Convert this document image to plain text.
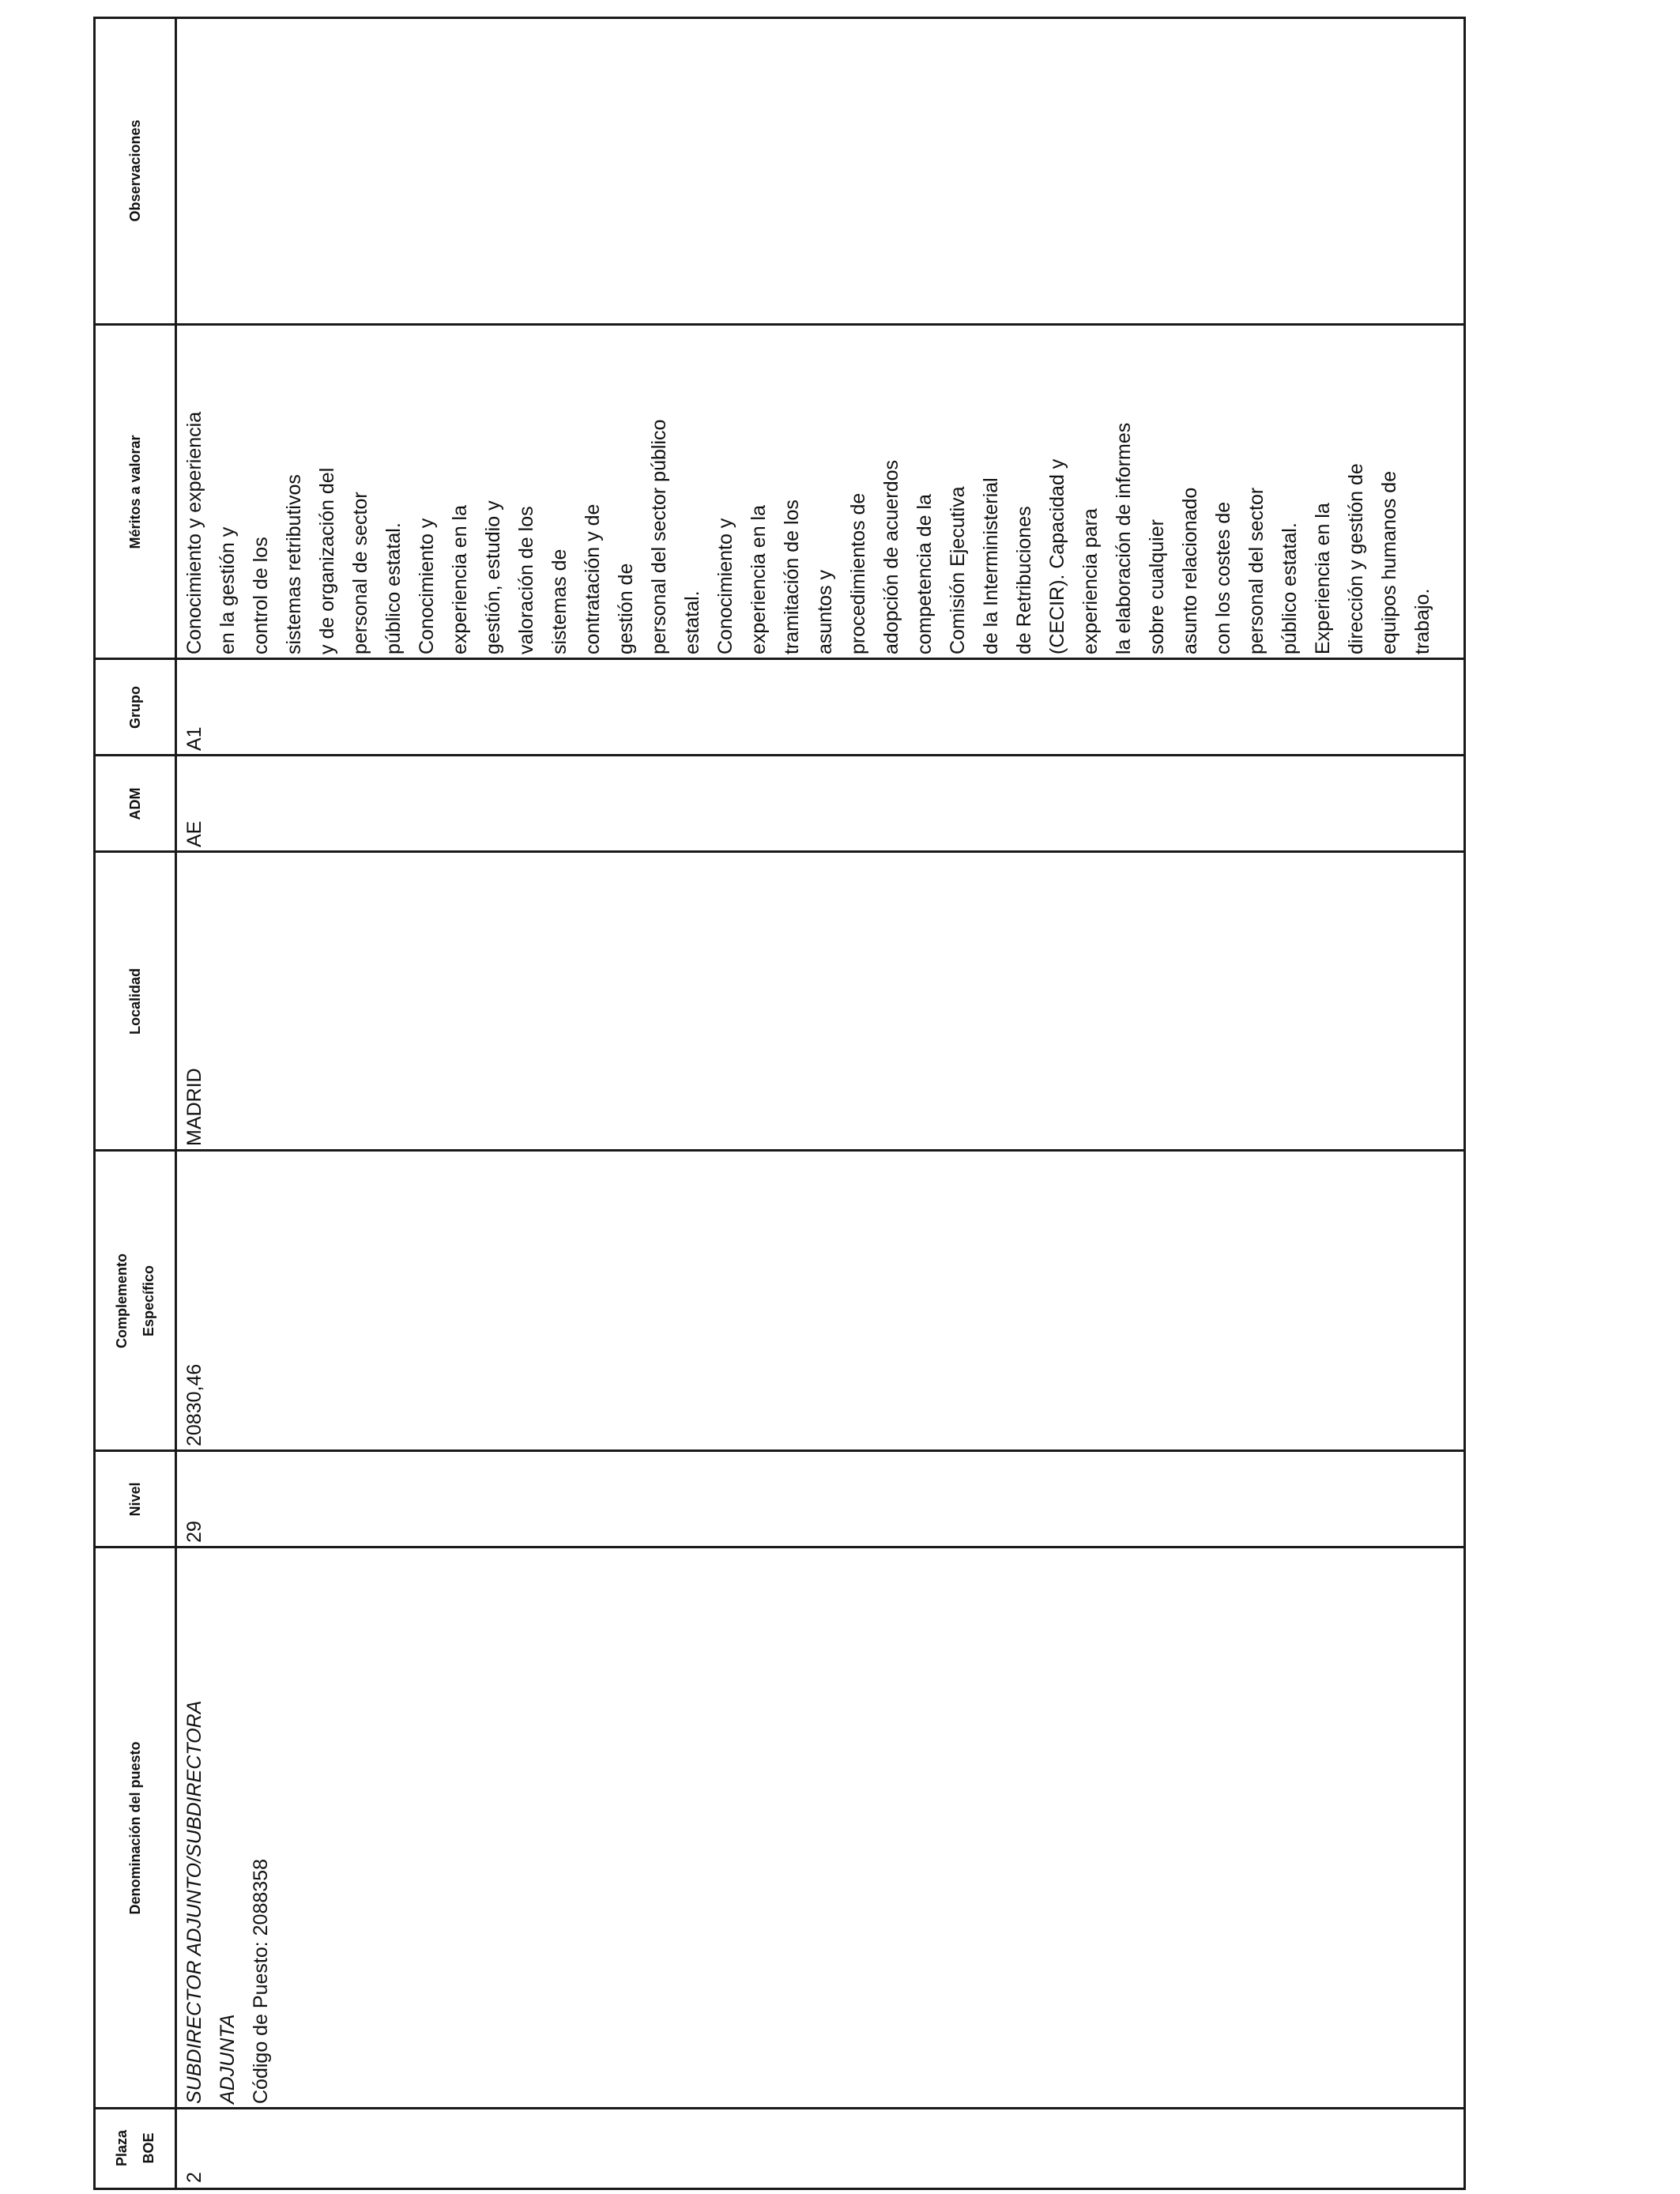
Plaza BOE
Denominación del puesto
Nivel
Complemento Específico
Localidad
ADM
Grupo
Méritos a valorar
Observaciones
2
SUBDIRECTOR ADJUNTO/SUBDIRECTORA ADJUNTA Código de Puesto: 2088358
29
20830,46
MADRID
AE
A1
Conocimiento y experiencia en la gestión y control de los sistemas retributivos y de organización del personal de sector público estatal. Conocimiento y experiencia en la gestión, estudio y valoración de los sistemas de contratación y de gestión de personal del sector público estatal. Conocimiento y experiencia en la tramitación de los asuntos y procedimientos de adopción de acuerdos competencia de la Comisión Ejecutiva de la Interministerial de Retribuciones (CECIR). Capacidad y experiencia para la elaboración de informes sobre cualquier asunto relacionado con los costes de personal del sector público estatal. Experiencia en la dirección y gestión de equipos humanos de trabajo.
